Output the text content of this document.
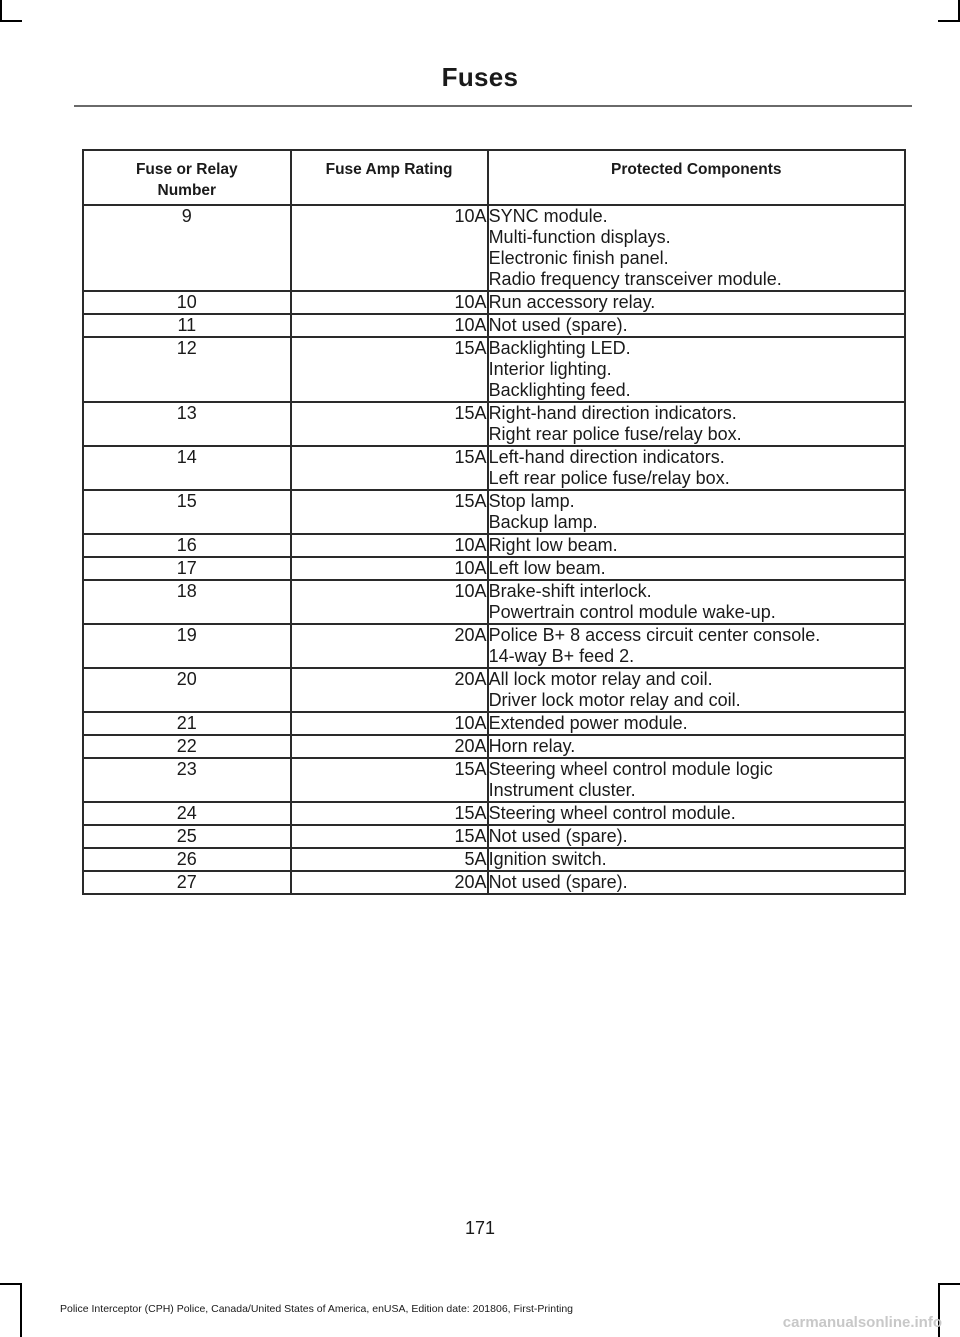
Fuses
Fuse or Relay Number	Fuse Amp Rating	Protected Components
9	10A	SYNC module.
Multi-function displays.
Electronic finish panel.
Radio frequency transceiver module.

10	10A	Run accessory relay.

11	10A	Not used (spare).

12	15A	Backlighting LED.
Interior lighting.
Backlighting feed.

13	15A	Right-hand direction indicators.
Right rear police fuse/relay box.

14	15A	Left-hand direction indicators.
Left rear police fuse/relay box.

15	15A	Stop lamp.
Backup lamp.

16	10A	Right low beam.

17	10A	Left low beam.

18	10A	Brake-shift interlock.
Powertrain control module wake-up.

19	20A	Police B+ 8 access circuit center console.
14-way B+ feed 2.

20	20A	All lock motor relay and coil.
Driver lock motor relay and coil.

21	10A	Extended power module.

22	20A	Horn relay.

23	15A	Steering wheel control module logic
Instrument cluster.

24	15A	Steering wheel control module.

25	15A	Not used (spare).

26	5A	Ignition switch.

27	20A	Not used (spare).
171
Police Interceptor (CPH) Police, Canada/United States of America, enUSA, Edition date: 201806, First-Printing
carmanualsonline.info
